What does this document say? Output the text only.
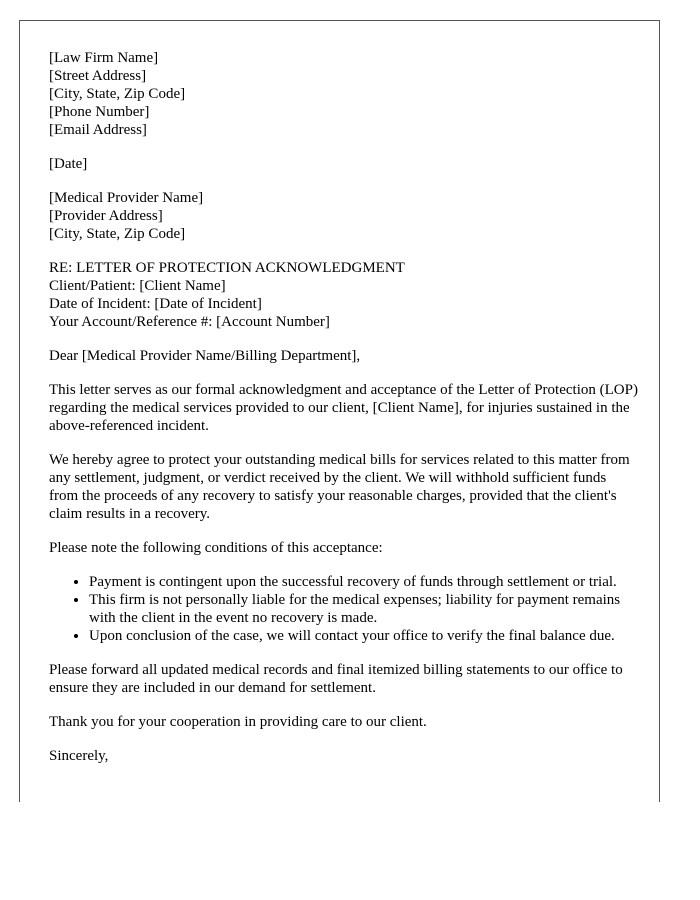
[Law Firm Name]
[Street Address]
[City, State, Zip Code]
[Phone Number]
[Email Address]
[Date]
[Medical Provider Name]
[Provider Address]
[City, State, Zip Code]
RE: LETTER OF PROTECTION ACKNOWLEDGMENT
Client/Patient: [Client Name]
Date of Incident: [Date of Incident]
Your Account/Reference #: [Account Number]

Dear [Medical Provider Name/Billing Department],

This letter serves as our formal acknowledgment and acceptance of the Letter of Protection (LOP) regarding the medical services provided to our client, [Client Name], for injuries sustained in the above-referenced incident.

We hereby agree to protect your outstanding medical bills for services related to this matter from any settlement, judgment, or verdict received by the client. We will withhold sufficient funds from the proceeds of any recovery to satisfy your reasonable charges, provided that the client's claim results in a recovery.

Please note the following conditions of this acceptance:

• Payment is contingent upon the successful recovery of funds through settlement or trial.
• This firm is not personally liable for the medical expenses; liability for payment remains with the client in the event no recovery is made.
• Upon conclusion of the case, we will contact your office to verify the final balance due.

Please forward all updated medical records and final itemized billing statements to our office to ensure they are included in our demand for settlement.

Thank you for your cooperation in providing care to our client.

Sincerely,
